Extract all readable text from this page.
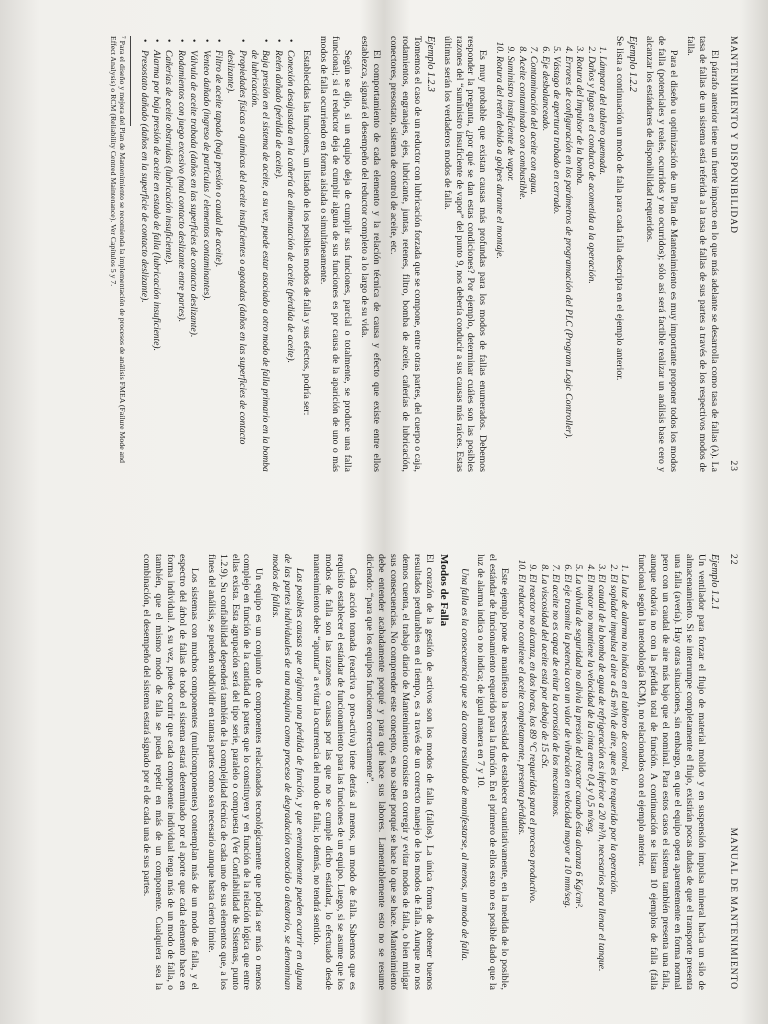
MANTENIMIENTO Y DISPONIBILIDAD
23

El párrafo anterior tiene un fuerte impacto en lo que más adelante se desarrolla como tasa de fallas (λ). La tasa de fallas de un sistema está referida a la tasa de fallas de sus partes a través de los respectivos modos de falla.

Para el diseño u optimización de un Plan de Mantenimiento es muy importante proponer todos los modos de falla (potenciales y reales, ocurridos y no ocurridos); sólo así será factible realizar un análisis base cero y alcanzar los estándares de disponibilidad requeridos.

Ejemplo 1.2.2

Se lista a continuación un modo de falla para cada falla descripta en el ejemplo anterior.

1. Lámpara del tablero quemada.
2. Daños y fugas en el conducto de acometida a la operación.
3. Rotura del impulsor de la bomba.
4. Errores de configuración en los parámetros de programación del PLC (Program Logic Controller).
5. Vástago de apertura trabado en cerrado.
6. Eje desbalanceado.
7. Contaminación del aceite con agua.
8. Aceite contaminado con combustible.
9. Suministro insuficiente de vapor.
10. Rotura del retén debido a golpes durante el montaje.

Es muy probable que existan causas más profundas para los modos de fallas enumerados. Debemos responder la pregunta, ¿por qué se dan estas condiciones? Por ejemplo, determinar cuáles son las posibles razones del “suministro insuficiente de vapor” del punto 9, nos debería conducir a sus causas más raíces. Estas últimas serán los verdaderos modos de falla.

Ejemplo 1.2.3

Tomemos el caso de un reductor con lubricación forzada que se compone, entre otras partes, del cuerpo o caja, rodamientos, engranajes, ejes, lubricante, juntas, retenes, filtro, bomba de aceite, cañerías de lubricación, conectores, presostato, sistema de control de aceite, etc.

El comportamiento de cada elemento y la relación técnica de causa y efecto que existe entre ellos establezca, signará el desempeño del reductor completo a lo largo de su vida.

Según se dijo, si un equipo deja de cumplir sus funciones, parcial o totalmente, se produce una falla funcional; si el reductor deja de cumplir alguna de sus funciones es por causa de la aparición de uno o más modos de falla ocurriendo en forma aislada o simultáneamente.

Establecidas las funciones, un listado de los posibles modos de falla y sus efectos, podría ser:

• Conexión desajustada en la cañería de alimentación de aceite (pérdida de aceite).
• Retén dañado (pérdida de aceite).
• Baja presión en el sistema de aceite, a su vez, puede estar asociado a otro modo de falla primario en la bomba de lubricación.
• Propiedades físicas o químicas del aceite insuficientes o agotadas (daños en las superficies de contacto deslizante).
• Filtro de aceite tapado (baja presión o caudal de aceite).
• Venteo dañado (ingreso de partículas / elementos contaminantes).
• Válvula de aceite trabada (daños en las superficies de contacto deslizante).
• Rodamientos con juego excesivo (mal contacto deslizante entre partes).
• Cañerías de aceite obstruidas (lubricación insuficiente).
• Alarma por baja presión de aceite en estado de falla (lubricación insuficiente).
• Presostato dañado (daños en la superficie de contacto deslizante).

⁷ Para el diseño y mejora del Plan de Mantenimiento se recomienda la implementación de procesos de análisis FMEA (Failure Mode and Effect Analysis) o RCM (Reliability Centred Maintenance). Ver Capítulos 5 y 7.

22
MANUAL DE MANTENIMIENTO
Ejemplo 1.2.1

Un ventilador para forzar el flujo de material molido y en suspensión impulsa mineral hacia un silo de almacenamiento. Si se interrumpe completamente el flujo, existirán pocas dudas de que el transporte presenta una falla (avería). Hay otras situaciones, sin embargo, en que el equipo opera aparentemente en forma normal pero con un caudal de aire más bajo que el nominal. Para estos casos el sistema también presenta una falla, aunque todavía no con la pérdida total de función. A continuación se listan 10 ejemplos de falla (falla funcional según la metodología RCM), no relacionados con el ejemplo anterior.

1. La luz de alarma no indica en el tablero de control.
2. El soplador impulsa el aire a 45 m³/h de aire, que es lo requerido por la operación.
3. El caudal de la bomba de agua de refrigeración es inferior a 20 m³/h, necesarios para llenar el tanque.
4. El motor no mantiene la velocidad de la cinta entre 0,4 y 0,5 m/seg.
5. La válvula de seguridad no alivia la presión del reactor cuando ésta alcanza 6 Kg/cm².
6. El eje trasmite la potencia con un valor de vibración en velocidad mayor a 10 mm/seg.
7. El aceite no es capaz de evitar la corrosión de los mecanismos.
8. La viscosidad del aceite está por debajo de 15 cSt.
9. El reactor no alcanza, en dos horas, los 89 °C requeridos para el proceso productivo.
10. El reductor no contiene el aceite completamente, presenta pérdidas.

Este ejemplo pone de manifiesto la necesidad de establecer cuantitativamente, en la medida de lo posible, el estándar de funcionamiento requerido para la función. En el primero de ellos esto no es posible dado que la luz de alarma indica o no indica; de igual manera en 7 y 10.

Una falla es la consecuencia que se da como resultado de manifestarse, al menos, un modo de falla.

Modos de Falla

El corazón de la gestión de activos son los modos de falla (fallos). La única forma de obtener buenos resultados perdurables en el tiempo, es a través de un correcto manejo de los modos de falla. Aunque no nos demos cuenta, el trabajo diario de Mantenimiento consiste en corregir y evitar modos de falla, o bien mitigar sus consecuencias. No comprender este concepto, es no saber porqué se hace lo que se hace. Mantenimiento debe entender acabadamente porqué y para qué hace sus labores. Lamentablemente esto no se resume diciendo: “para que los equipos funcionen correctamente”.

Cada acción tomada (reactiva o pro-activa) tiene detrás al menos, un modo de falla. Sabemos que es requisito establecer el estándar de funcionamiento para las funciones de un equipo. Luego, si se asume que los modos de falla son las razones o causas por las que no se cumple dicho estándar, lo efectuado desde mantenimiento debe “apuntar” a evitar la ocurrencia del modo de falla; lo demás, no tendrá sentido.

Las posibles causas que originan una pérdida de función, y que eventualmente pueden ocurrir en alguna de las partes individuales de una máquina como proceso de degradación conocido o aleatorio, se denominan modos de fallas.

Un equipo es un conjunto de componentes relacionados tecnológicamente que podría ser más o menos complejo en función de la cantidad de partes que lo constituyen y en función de la relación lógica que entre ellas exista. Esta agrupación será del tipo serie, paralelo o compuesta (Ver Confiabilidad de Sistemas, punto 1.2.9). Su confiabilidad dependerá también de la complejidad técnica de cada uno de sus elementos que, a los fines del análisis, se pueden subdividir en tantas partes como sea necesario aunque hasta cierto límite.

Los sistemas con muchos componentes (multicomponentes) contemplan más de un modo de falla, y el espectro del árbol de fallas de todo el sistema estará determinado por el aporte que cada elemento hace en forma individual. A su vez, puede ocurrir que cada componente individual tenga más de un modo de falla, o también, que el mismo modo de falla se pueda repetir en más de un componente. Cualquiera sea la combinación, el desempeño del sistema estará signado por el de cada una de sus partes.
